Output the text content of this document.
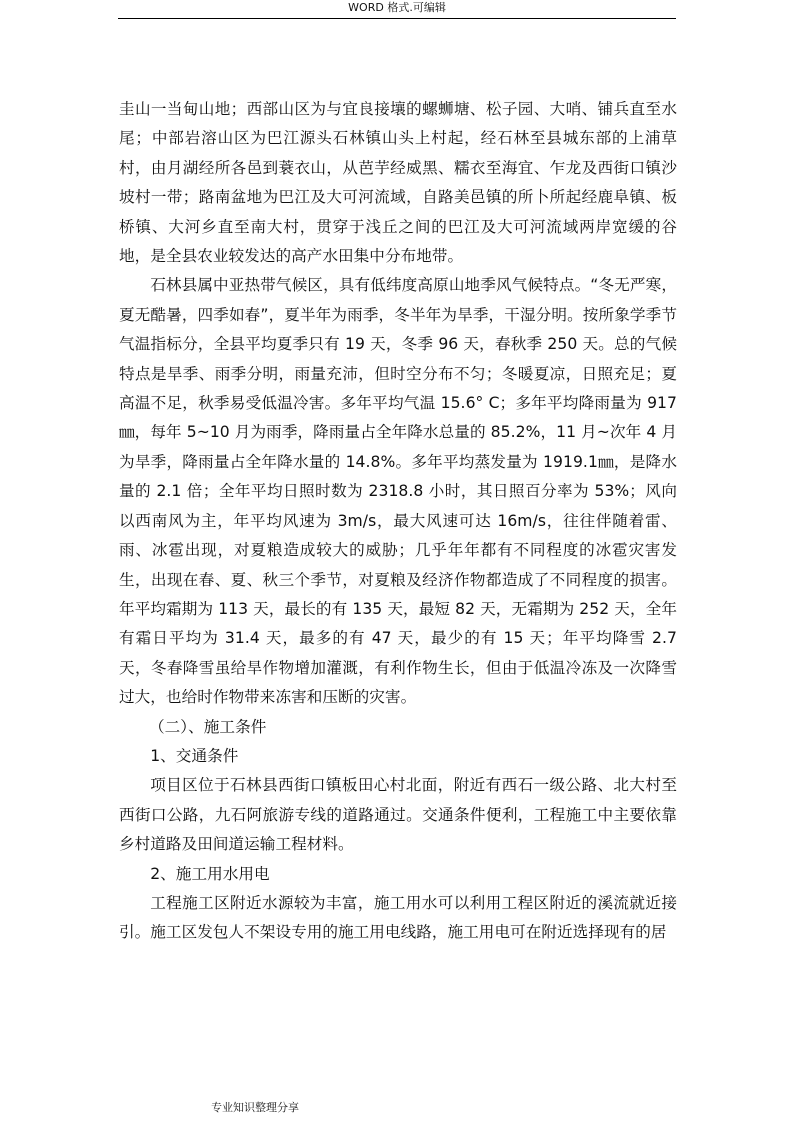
WORD 格式.可编辑

圭山一当甸山地；西部山区为与宜良接壤的螺蛳塘、松子园、大哨、铺兵直至水尾；中部岩溶山区为巴江源头石林镇山头上村起，经石林至县城东部的上浦草村，由月湖经所各邑到蓑衣山，从芭芋经威黑、糯衣至海宜、乍龙及西街口镇沙坡村一带；路南盆地为巴江及大可河流域，自路美邑镇的所卜所起经鹿阜镇、板桥镇、大河乡直至南大村，贯穿于浅丘之间的巴江及大可河流域两岸宽缓的谷地，是全县农业较发达的高产水田集中分布地带。

石林县属中亚热带气候区，具有低纬度高原山地季风气候特点。“冬无严寒，夏无酷暑，四季如春”，夏半年为雨季，冬半年为旱季，干湿分明。按所象学季节气温指标分，全县平均夏季只有 19 天，冬季 96 天，春秋季 250 天。总的气候特点是旱季、雨季分明，雨量充沛，但时空分布不匀；冬暖夏凉，日照充足；夏高温不足，秋季易受低温冷害。多年平均气温 15.6° C；多年平均降雨量为 917㎜，每年 5~10 月为雨季，降雨量占全年降水总量的 85.2%，11 月~次年 4 月为旱季，降雨量占全年降水量的 14.8%。多年平均蒸发量为 1919.1㎜，是降水量的 2.1 倍；全年平均日照时数为 2318.8 小时，其日照百分率为 53%；风向以西南风为主，年平均风速为 3m/s，最大风速可达 16m/s，往往伴随着雷、雨、冰雹出现，对夏粮造成较大的威胁；几乎年年都有不同程度的冰雹灾害发生，出现在春、夏、秋三个季节，对夏粮及经济作物都造成了不同程度的损害。年平均霜期为 113 天，最长的有 135 天，最短 82 天，无霜期为 252 天，全年有霜日平均为 31.4 天，最多的有 47 天，最少的有 15 天；年平均降雪 2.7 天，冬春降雪虽给旱作物增加灌溉，有利作物生长，但由于低温冷冻及一次降雪过大，也给时作物带来冻害和压断的灾害。

（二）、施工条件

1、交通条件

项目区位于石林县西街口镇板田心村北面，附近有西石一级公路、北大村至西街口公路，九石阿旅游专线的道路通过。交通条件便利，工程施工中主要依靠乡村道路及田间道运输工程材料。

2、施工用水用电

工程施工区附近水源较为丰富，施工用水可以利用工程区附近的溪流就近接引。施工区发包人不架设专用的施工用电线路，施工用电可在附近选择现有的居

专业知识整理分享
